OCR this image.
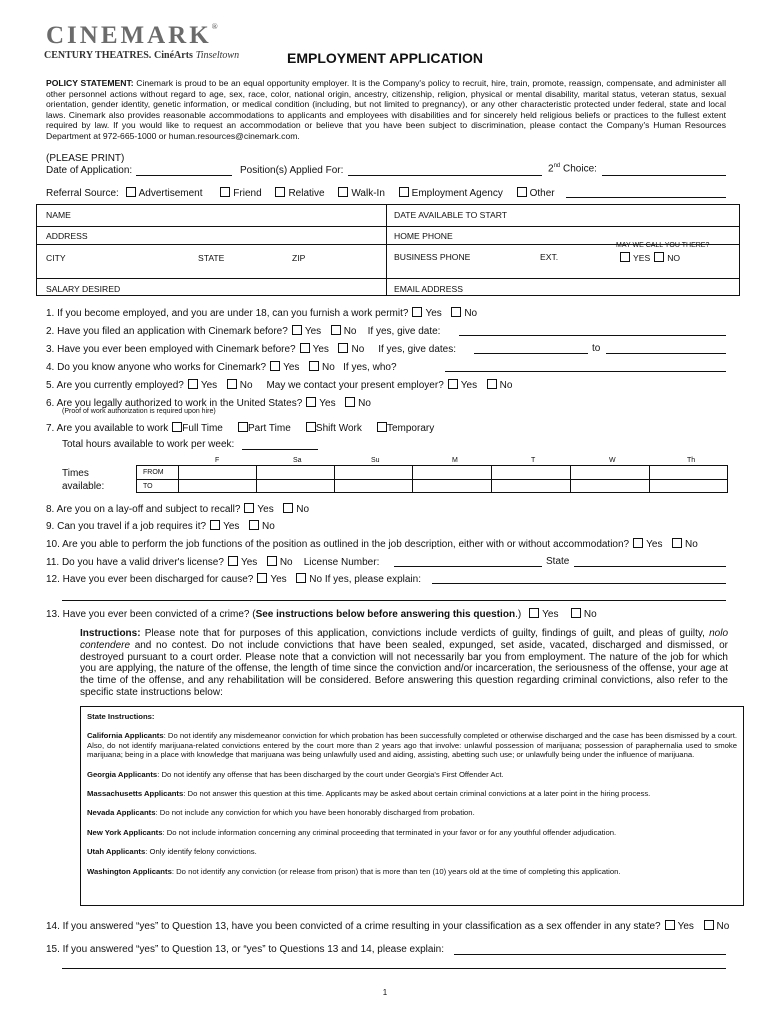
CINEMARK®
CENTURY THEATRES. CinéArts Tinseltown	EMPLOYMENT APPLICATION
POLICY STATEMENT: Cinemark is proud to be an equal opportunity employer. It is the Company's policy to recruit, hire, train, promote, reassign, compensate, and administer all other personnel actions without regard to age, sex, race, color, national origin, ancestry, citizenship, religion, physical or mental disability, marital status, veteran status, sexual orientation, gender identity, genetic information, or medical condition (including, but not limited to pregnancy), or any other characteristic protected under federal, state and local laws. Cinemark also provides reasonable accommodations to applicants and employees with disabilities and for sincerely held religious beliefs or practices to the fullest extent required by law. If you would like to request an accommodation or believe that you have been subject to discrimination, please contact the Company's Human Resources Department at 972-665-1000 or human.resources@cinemark.com.
(PLEASE PRINT)
Date of Application:	Position(s) Applied For:	2nd Choice:
Referral Source: Advertisement	Friend	Relative	Walk-In	Employment Agency	Other
NAME	DATE AVAILABLE TO START
ADDRESS	HOME PHONE
CITY	STATE	ZIP	BUSINESS PHONE	EXT.
MAY WE CALL YOU THERE?
YES NO
SALARY DESIRED	EMAIL ADDRESS
1. If you become employed, and you are under 18, can you furnish a work permit? Yes No
2. Have you filed an application with Cinemark before? Yes No If yes, give date:
3. Have you ever been employed with Cinemark before? Yes No If yes, give dates:	to
4. Do you know anyone who works for Cinemark? Yes No If yes, who?
5. Are you currently employed? Yes No May we contact your present employer? Yes No
6. Are you legally authorized to work in the United States? Yes No
(Proof of work authorization is required upon hire)
7. Are you available to work Full Time	Part Time	Shift Work	Temporary
Total hours available to work per week:
F	Sa	Su	M	T	W	Th
FROM
TO
Times
available:
8. Are you on a lay-off and subject to recall? Yes No
9. Can you travel if a job requires it? Yes No
10. Are you able to perform the job functions of the position as outlined in the job description, either with or without accommodation? Yes No
11. Do you have a valid driver's license? Yes No License Number:	State
12. Have you ever been discharged for cause? Yes No If yes, please explain:
13. Have you ever been convicted of a crime? (See instructions below before answering this question.) Yes	No
Instructions: Please note that for purposes of this application, convictions include verdicts of guilty, findings of guilt, and pleas of guilty, nolo contendere and no contest. Do not include convictions that have been sealed, expunged, set aside, vacated, discharged and dismissed, or destroyed pursuant to a court order. Please note that a conviction will not necessarily bar you from employment. The nature of the job for which you are applying, the nature of the offense, the length of time since the conviction and/or incarceration, the seriousness of the offense, your age at the time of the offense, and any rehabilitation will be considered. Before answering this question regarding criminal convictions, also refer to the specific state instructions below:

State Instructions:

California Applicants: Do not identify any misdemeanor conviction for which probation has been successfully completed or otherwise discharged and the case has been dismissed by a court. Also, do not identify marijuana-related convictions entered by the court more than 2 years ago that involve: unlawful possession of marijuana; possession of paraphernalia used to smoke marijuana; being in a place with knowledge that marijuana was being unlawfully used and aiding, assisting, abetting such use; or unlawfully being under the influence of marijuana.

Georgia Applicants: Do not identify any offense that has been discharged by the court under Georgia's First Offender Act.

Massachusetts Applicants: Do not answer this question at this time. Applicants may be asked about certain criminal convictions at a later point in the hiring process.

Nevada Applicants: Do not include any conviction for which you have been honorably discharged from probation.

New York Applicants: Do not include information concerning any criminal proceeding that terminated in your favor or for any youthful offender adjudication.

Utah Applicants: Only identify felony convictions.

Washington Applicants: Do not identify any conviction (or release from prison) that is more than ten (10) years old at the time of completing this application.

14. If you answered “yes” to Question 13, have you been convicted of a crime resulting in your classification as a sex offender in any state? Yes No
15. If you answered “yes” to Question 13, or “yes” to Questions 13 and 14, please explain:
1
